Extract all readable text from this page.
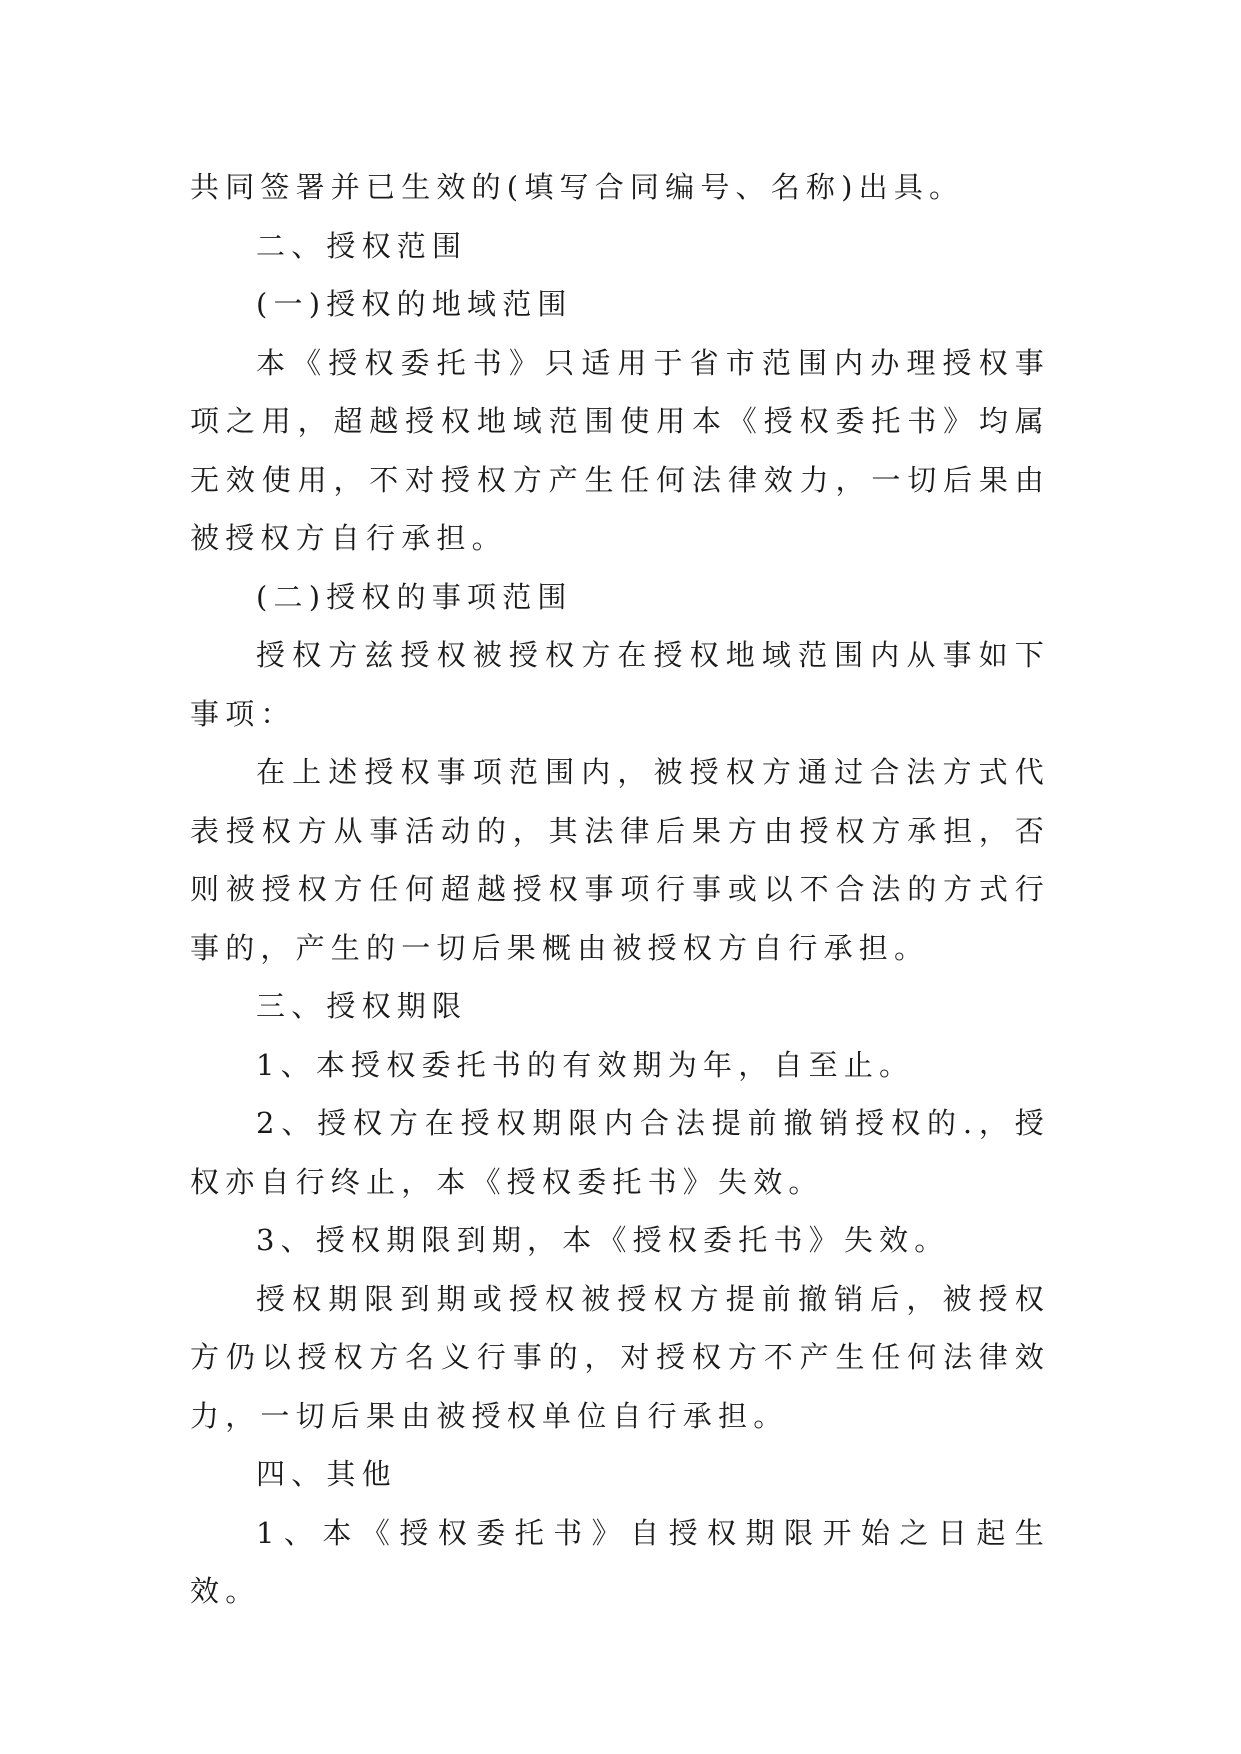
共同签署并已生效的(填写合同编号、名称)出具。

二、授权范围

(一)授权的地域范围

本《授权委托书》只适用于省市范围内办理授权事项之用，超越授权地域范围使用本《授权委托书》均属无效使用，不对授权方产生任何法律效力，一切后果由被授权方自行承担。

(二)授权的事项范围

授权方兹授权被授权方在授权地域范围内从事如下事项：

在上述授权事项范围内，被授权方通过合法方式代表授权方从事活动的，其法律后果方由授权方承担，否则被授权方任何超越授权事项行事或以不合法的方式行事的，产生的一切后果概由被授权方自行承担。

三、授权期限

1、本授权委托书的有效期为年，自至止。

2、授权方在授权期限内合法提前撤销授权的.，授权亦自行终止，本《授权委托书》失效。

3、授权期限到期，本《授权委托书》失效。

授权期限到期或授权被授权方提前撤销后，被授权方仍以授权方名义行事的，对授权方不产生任何法律效力，一切后果由被授权单位自行承担。

四、其他

1、本《授权委托书》自授权期限开始之日起生效。
